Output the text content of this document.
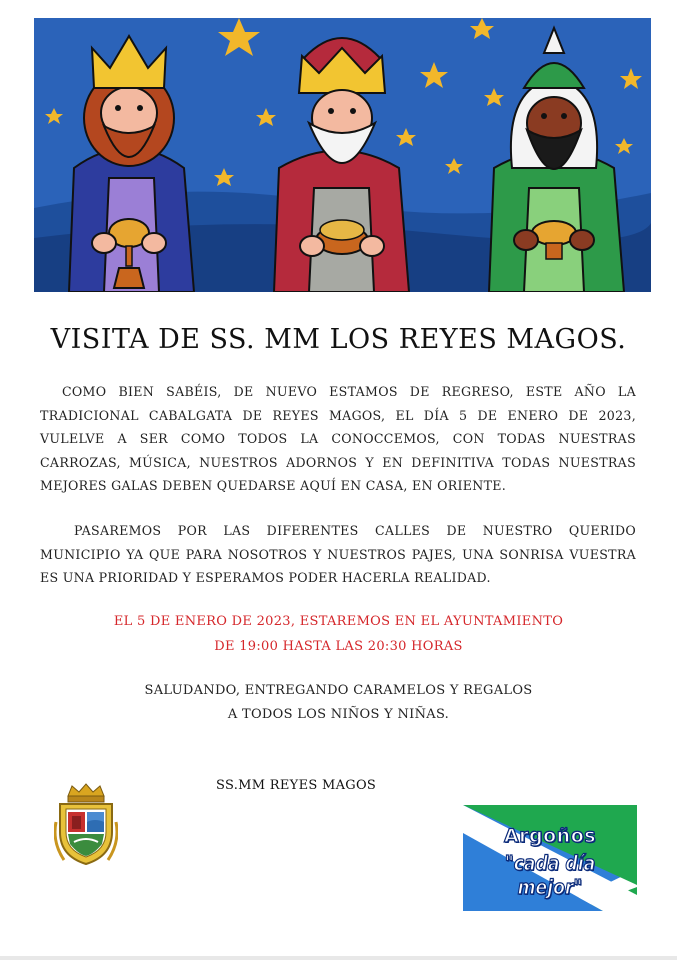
VISITA DE SS. MM LOS REYES MAGOS.

COMO BIEN SABÉIS, DE NUEVO ESTAMOS DE REGRESO, ESTE AÑO LA TRADICIONAL CABALGATA DE REYES MAGOS, EL DÍA 5 DE ENERO DE 2023, VULELVE A SER COMO TODOS LA CONOCCEMOS, CON TODAS NUESTRAS CARROZAS, MÚSICA, NUESTROS ADORNOS Y EN DEFINITIVA TODAS NUESTRAS MEJORES GALAS DEBEN QUEDARSE AQUÍ EN CASA, EN ORIENTE.

PASAREMOS POR LAS DIFERENTES CALLES DE NUESTRO QUERIDO MUNICIPIO YA QUE PARA NOSOTROS Y NUESTROS PAJES, UNA SONRISA VUESTRA ES UNA PRIORIDAD Y ESPERAMOS PODER HACERLA REALIDAD.

EL 5 DE ENERO DE 2023, ESTAREMOS EN EL AYUNTAMIENTO

DE 19:00 HASTA LAS 20:30 HORAS

SALUDANDO, ENTREGANDO CARAMELOS Y REGALOS

A TODOS LOS NIÑOS Y NIÑAS.

SS.MM REYES MAGOS

Argoños
"cada día mejor"
